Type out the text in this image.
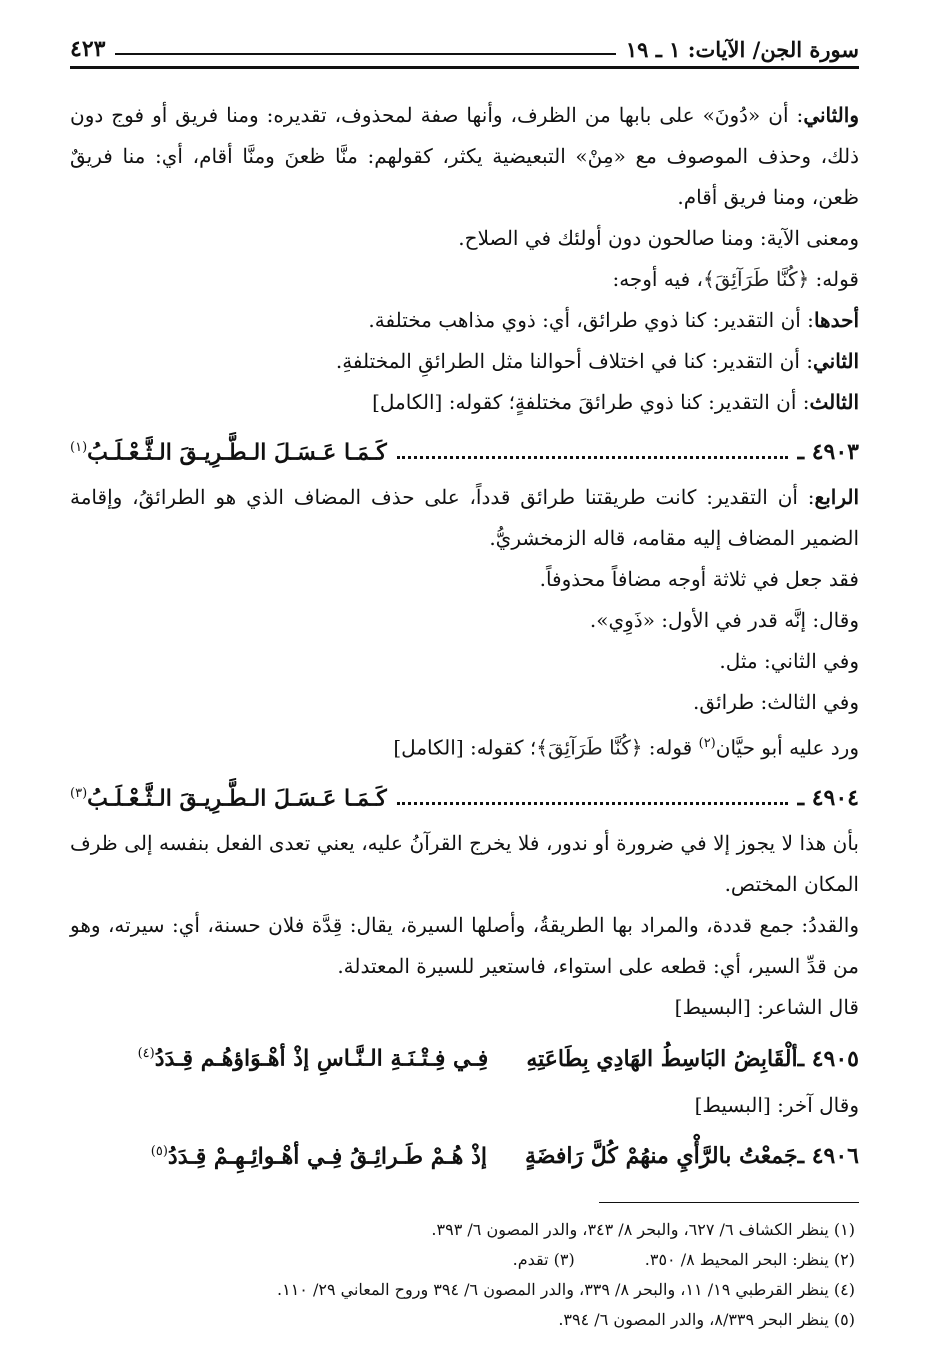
سورة الجن/ الآيات: ١ ـ ١٩
٤٢٣

والثاني: أن «دُونَ» على بابها من الظرف، وأنها صفة لمحذوف، تقديره: ومنا فريق أو فوج دون ذلك، وحذف الموصوف مع «مِنْ» التبعيضية يكثر، كقولهم: منَّا ظعنَ ومنَّا أقام، أي: منا فريقٌ ظعن، ومنا فريق أقام.

ومعنى الآية: ومنا صالحون دون أولئك في الصلاح.

قوله: ﴿كُنَّا طَرَآئِقَ﴾، فيه أوجه:

أحدها: أن التقدير: كنا ذوي طرائق، أي: ذوي مذاهب مختلفة.

الثاني: أن التقدير: كنا في اختلاف أحوالنا مثل الطرائقِ المختلفةِ.

الثالث: أن التقدير: كنا ذوي طرائقَ مختلفةٍ؛ كقوله: [الكامل]

٤٩٠٣ ـ
كَـمَـا عَـسَـلَ الـطَّـرِيـقَ الـثَّـعْـلَـبُ$^{(١)}$

الرابع: أن التقدير: كانت طريقتنا طرائق قدداً، على حذف المضاف الذي هو الطرائقُ، وإقامة الضمير المضاف إليه مقامه، قاله الزمخشريُّ.

فقد جعل في ثلاثة أوجه مضافاً محذوفاً.

وقال: إنَّه قدر في الأول: «ذَوِي».

وفي الثاني: مثل.

وفي الثالث: طرائق.

ورد عليه أبو حيَّان$^{(٢)}$ قوله: ﴿كُنَّا طَرَآئِقَ﴾؛ كقوله: [الكامل]

٤٩٠٤ ـ
كَـمَـا عَـسَـلَ الـطَّـرِيـقَ الـثَّـعْـلَـبُ$^{(٣)}$

بأن هذا لا يجوز إلا في ضرورة أو ندور، فلا يخرج القرآنُ عليه، يعني تعدى الفعل بنفسه إلى ظرف المكان المختص.

والقددُ: جمع قددة، والمراد بها الطريقةُ، وأصلها السيرة، يقال: قِدَّة فلان حسنة، أي: سيرته، وهو من قدِّ السير، أي: قطعه على استواء، فاستعير للسيرة المعتدلة.

قال الشاعر: [البسيط]

٤٩٠٥ ـ
ألْقَابِضُ البَاسِطُ الهَادِي بِطَاعَتِهِ
فِـي فِـتْـنَـةِ الـنَّـاسِ إذْ أهْـوَاؤهُـم قِـدَدُ$^{(٤)}$

وقال آخر: [البسيط]

٤٩٠٦ ـ
جَمعْتُ بالرَّأْيِ منهُمْ كُلَّ رَافضَةٍ
إذْ هُـمْ طَـرائِـقُ فِـي أهْـوائِـهِـمْ قِـدَدُ$^{(٥)}$

(١) ينظر الكشاف ٦/ ٦٢٧، والبحر ٨/ ٣٤٣، والدر المصون ٦/ ٣٩٣.

(٢) ينظر: البحر المحيط ٨/ ٣٥٠.(٣) تقدم.

(٤) ينظر القرطبي ١٩/ ١١، والبحر ٨/ ٣٣٩، والدر المصون ٦/ ٣٩٤ وروح المعاني ٢٩/ ١١٠.

(٥) ينظر البحر ٨/٣٣٩، والدر المصون ٦/ ٣٩٤.
